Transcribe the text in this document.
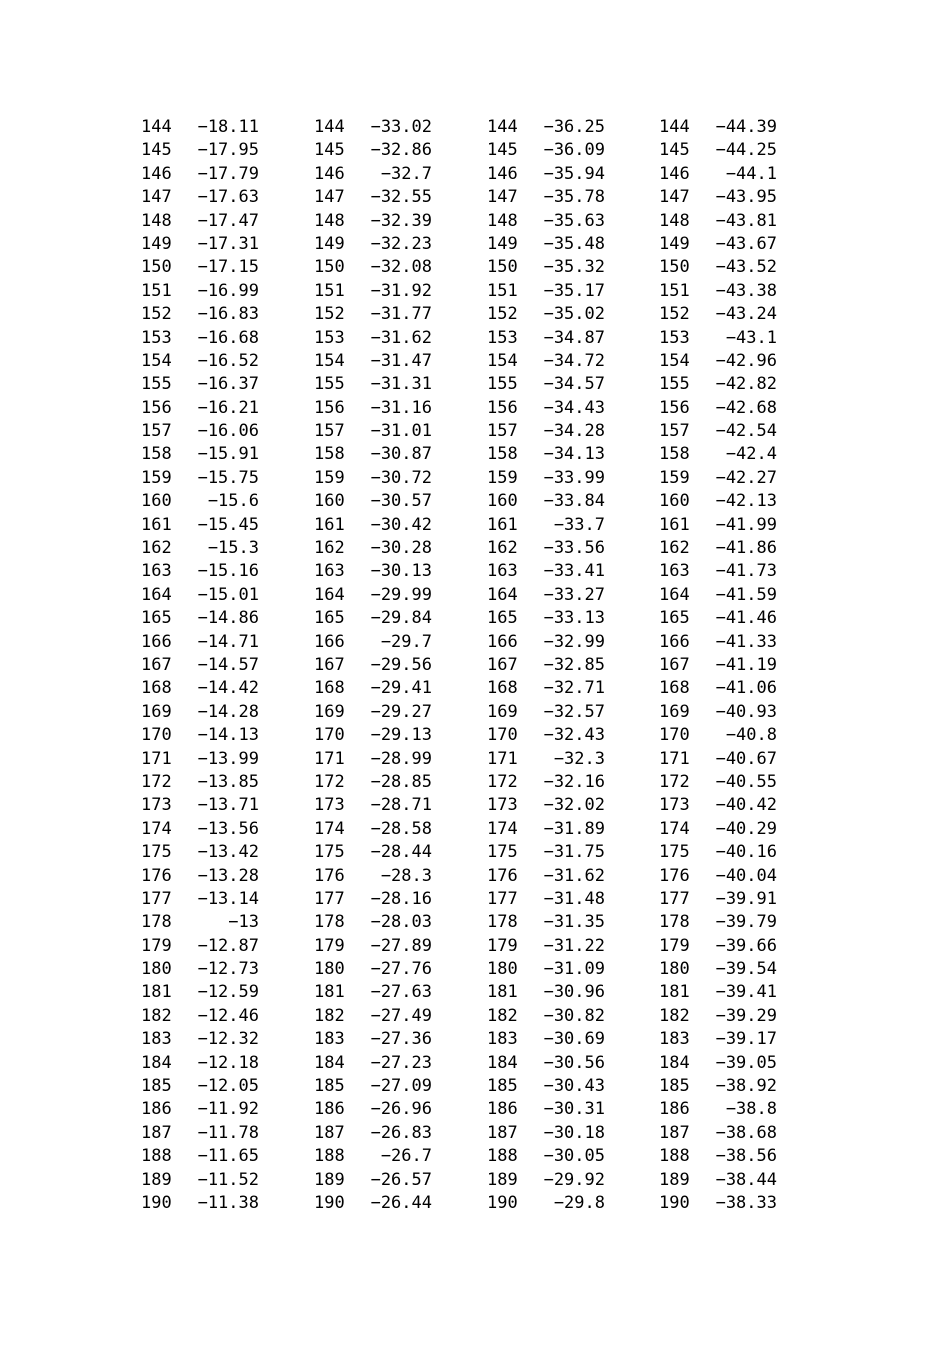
144 −18.11
145 −17.95
146 −17.79
147 −17.63
148 −17.47
149 −17.31
150 −17.15
151 −16.99
152 −16.83
153 −16.68
154 −16.52
155 −16.37
156 −16.21
157 −16.06
158 −15.91
159 −15.75
160 −15.6
161 −15.45
162 −15.3
163 −15.16
164 −15.01
165 −14.86
166 −14.71
167 −14.57
168 −14.42
169 −14.28
170 −14.13
171 −13.99
172 −13.85
173 −13.71
174 −13.56
175 −13.42
176 −13.28
177 −13.14
178	−13
179 −12.87
180 −12.73
181 −12.59
182 −12.46
183 −12.32
184 −12.18
185 −12.05
186 −11.92
187 −11.78
188 −11.65
189 −11.52
190 −11.38
144 −33.02
145 −32.86
146 −32.7
147 −32.55
148 −32.39
149 −32.23
150 −32.08
151 −31.92
152 −31.77
153 −31.62
154 −31.47
155 −31.31
156 −31.16
157 −31.01
158 −30.87
159 −30.72
160 −30.57
161 −30.42
162 −30.28
163 −30.13
164 −29.99
165 −29.84
166 −29.7
167 −29.56
168 −29.41
169 −29.27
170 −29.13
171 −28.99
172 −28.85
173 −28.71
174 −28.58
175 −28.44
176 −28.3
177 −28.16
178 −28.03
179 −27.89
180 −27.76
181 −27.63
182 −27.49
183 −27.36
184 −27.23
185 −27.09
186 −26.96
187 −26.83
188 −26.7
189 −26.57
190 −26.44
144 −36.25
145 −36.09
146 −35.94
147 −35.78
148 −35.63
149 −35.48
150 −35.32
151 −35.17
152 −35.02
153 −34.87
154 −34.72
155 −34.57
156 −34.43
157 −34.28
158 −34.13
159 −33.99
160 −33.84
161 −33.7
162 −33.56
163 −33.41
164 −33.27
165 −33.13
166 −32.99
167 −32.85
168 −32.71
169 −32.57
170 −32.43
171 −32.3
172 −32.16
173 −32.02
174 −31.89
175 −31.75
176 −31.62
177 −31.48
178 −31.35
179 −31.22
180 −31.09
181 −30.96
182 −30.82
183 −30.69
184 −30.56
185 −30.43
186 −30.31
187 −30.18
188 −30.05
189 −29.92
190 −29.8
144 −44.39
145 −44.25
146 −44.1
147 −43.95
148 −43.81
149 −43.67
150 −43.52
151 −43.38
152 −43.24
153 −43.1
154 −42.96
155 −42.82
156 −42.68
157 −42.54
158 −42.4
159 −42.27
160 −42.13
161 −41.99
162 −41.86
163 −41.73
164 −41.59
165 −41.46
166 −41.33
167 −41.19
168 −41.06
169 −40.93
170 −40.8
171 −40.67
172 −40.55
173 −40.42
174 −40.29
175 −40.16
176 −40.04
177 −39.91
178 −39.79
179 −39.66
180 −39.54
181 −39.41
182 −39.29
183 −39.17
184 −39.05
185 −38.92
186 −38.8
187 −38.68
188 −38.56
189 −38.44
190 −38.33
